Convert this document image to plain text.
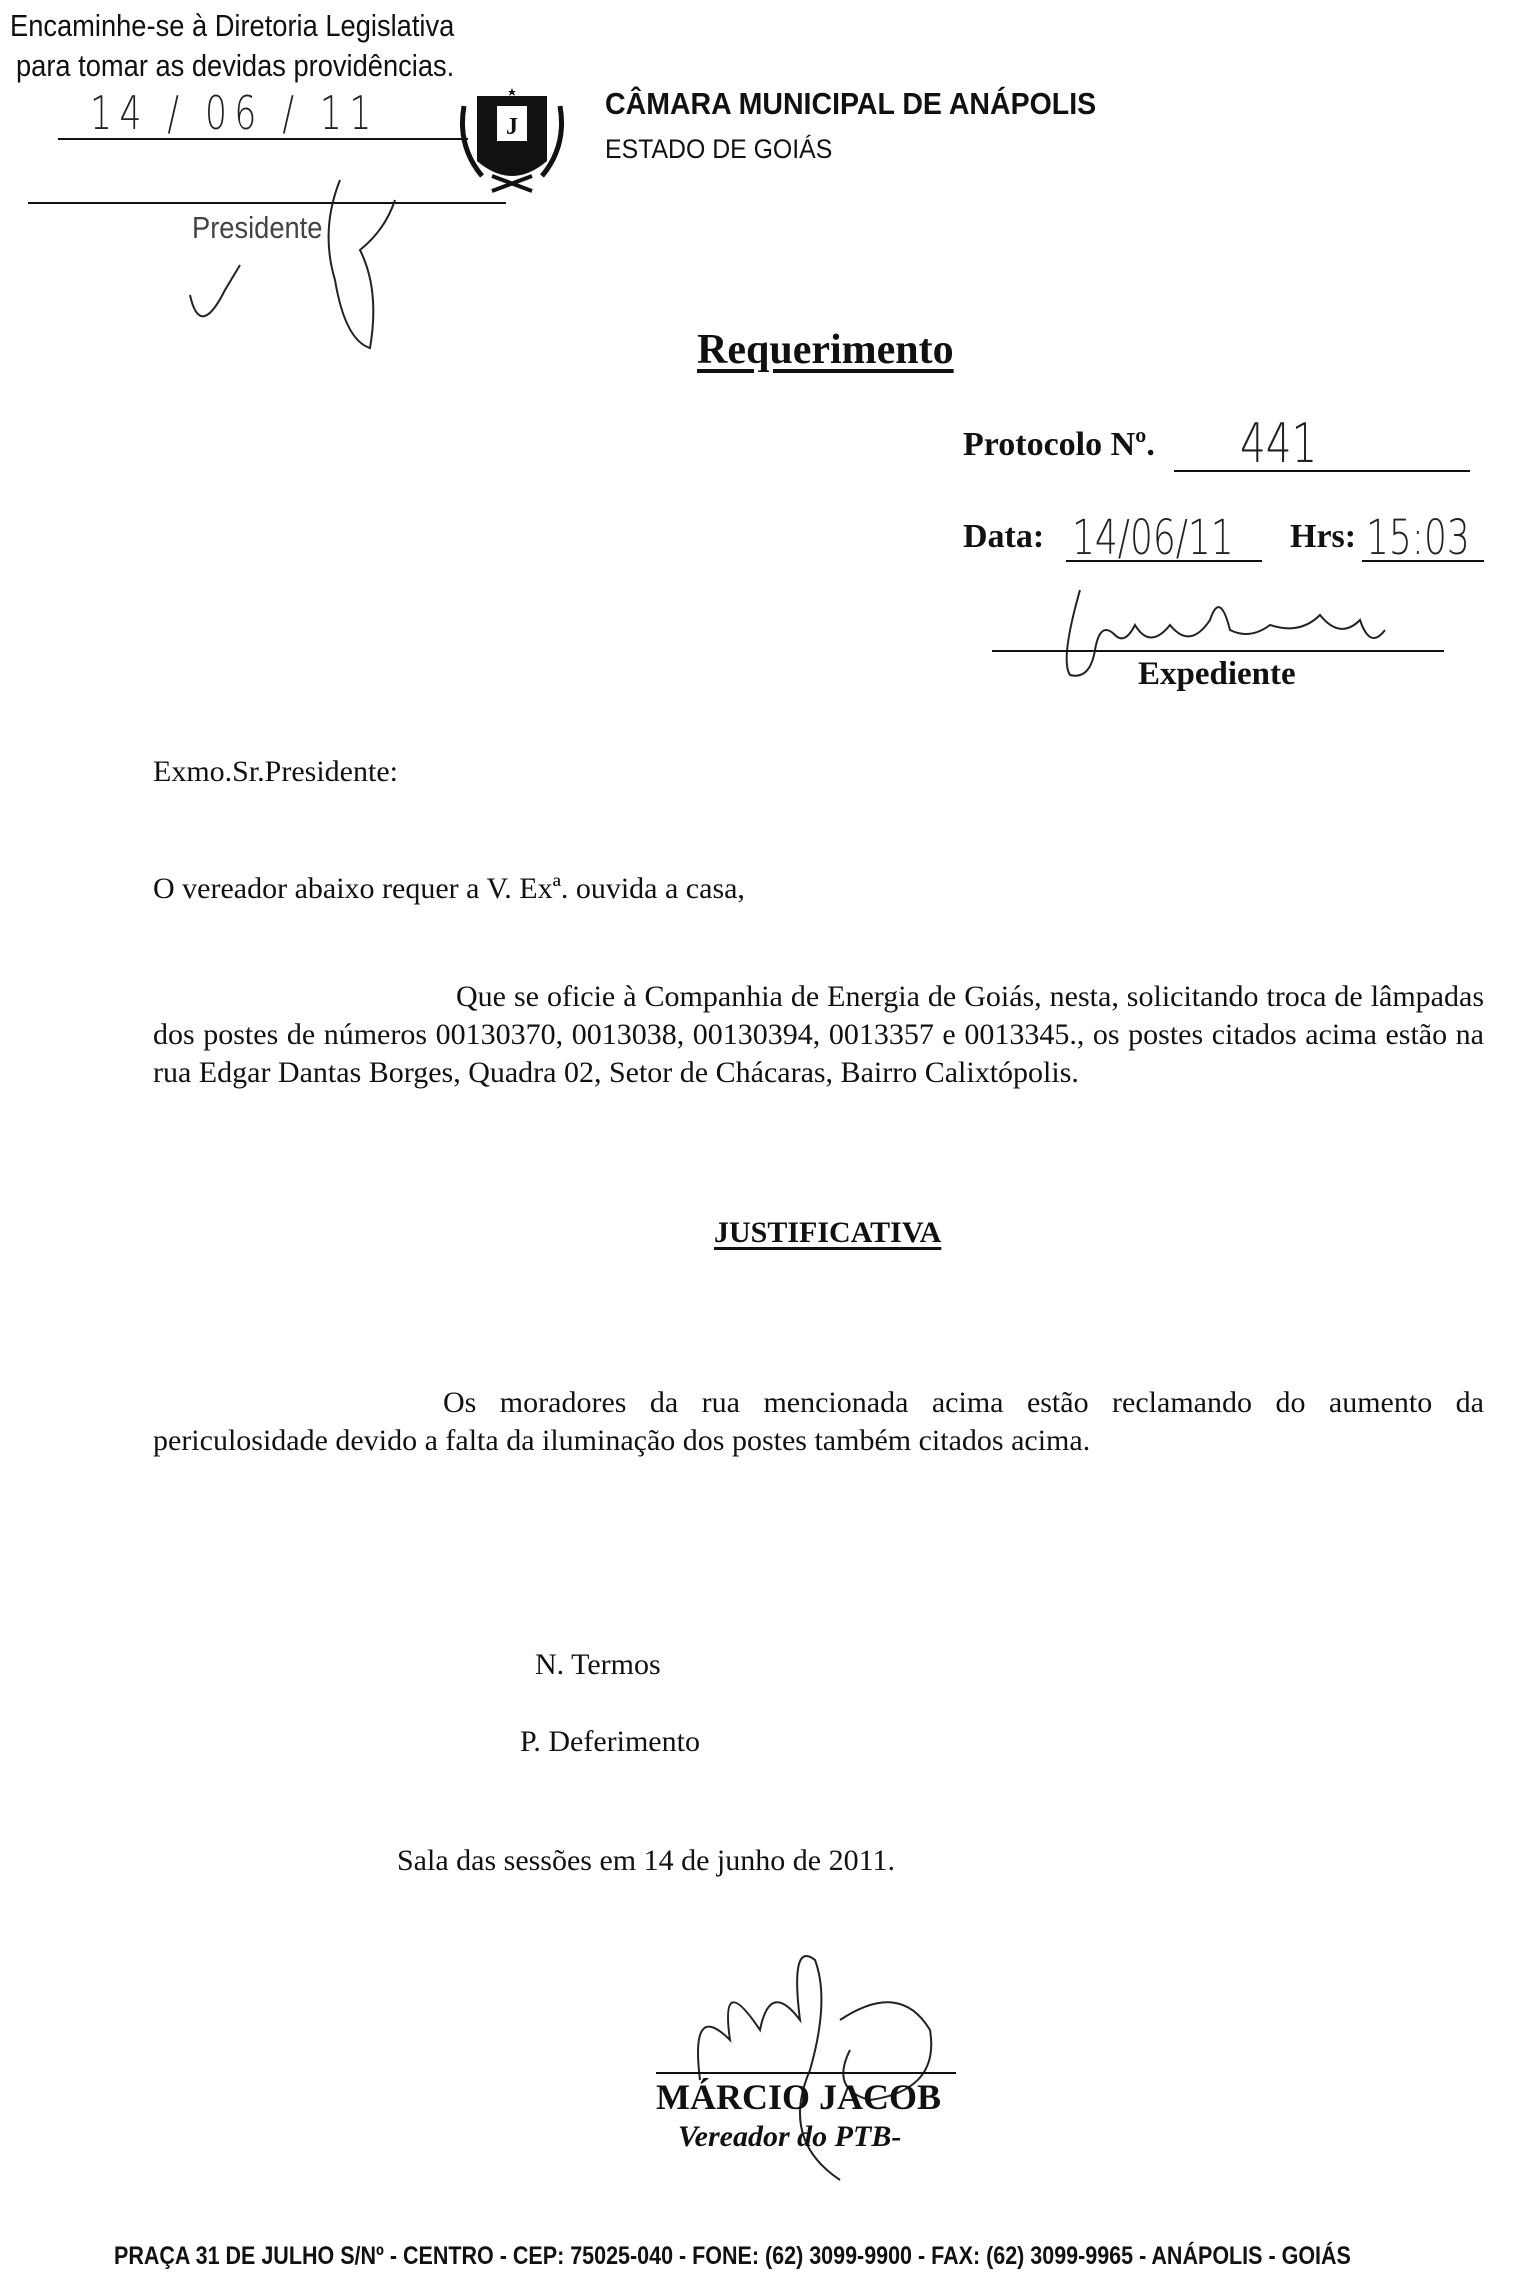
Encaminhe-se à Diretoria Legislativa
para tomar as devidas providências.
14 / 06 / 11
Presidente
J
CÂMARA MUNICIPAL DE ANÁPOLIS
ESTADO DE GOIÁS
Requerimento
Protocolo Nº. 441
Data: 14/06/11 Hrs: 15:03
Expediente
Exmo.Sr.Presidente:
O vereador abaixo requer a V. Exª. ouvida a casa,
Que se oficie à Companhia de Energia de Goiás, nesta, solicitando troca de lâmpadas dos postes de números 00130370, 0013038, 00130394, 0013357 e 0013345., os postes citados acima estão na rua Edgar Dantas Borges, Quadra 02, Setor de Chácaras, Bairro Calixtópolis.
JUSTIFICATIVA
Os moradores da rua mencionada acima estão reclamando do aumento da periculosidade devido a falta da iluminação dos postes também citados acima.
N. Termos
P. Deferimento
Sala das sessões em 14 de junho de 2011.
MÁRCIO JACOB
Vereador do PTB-
PRAÇA 31 DE JULHO S/Nº - CENTRO - CEP: 75025-040 - FONE: (62) 3099-9900 - FAX: (62) 3099-9965 - ANÁPOLIS - GOIÁS
